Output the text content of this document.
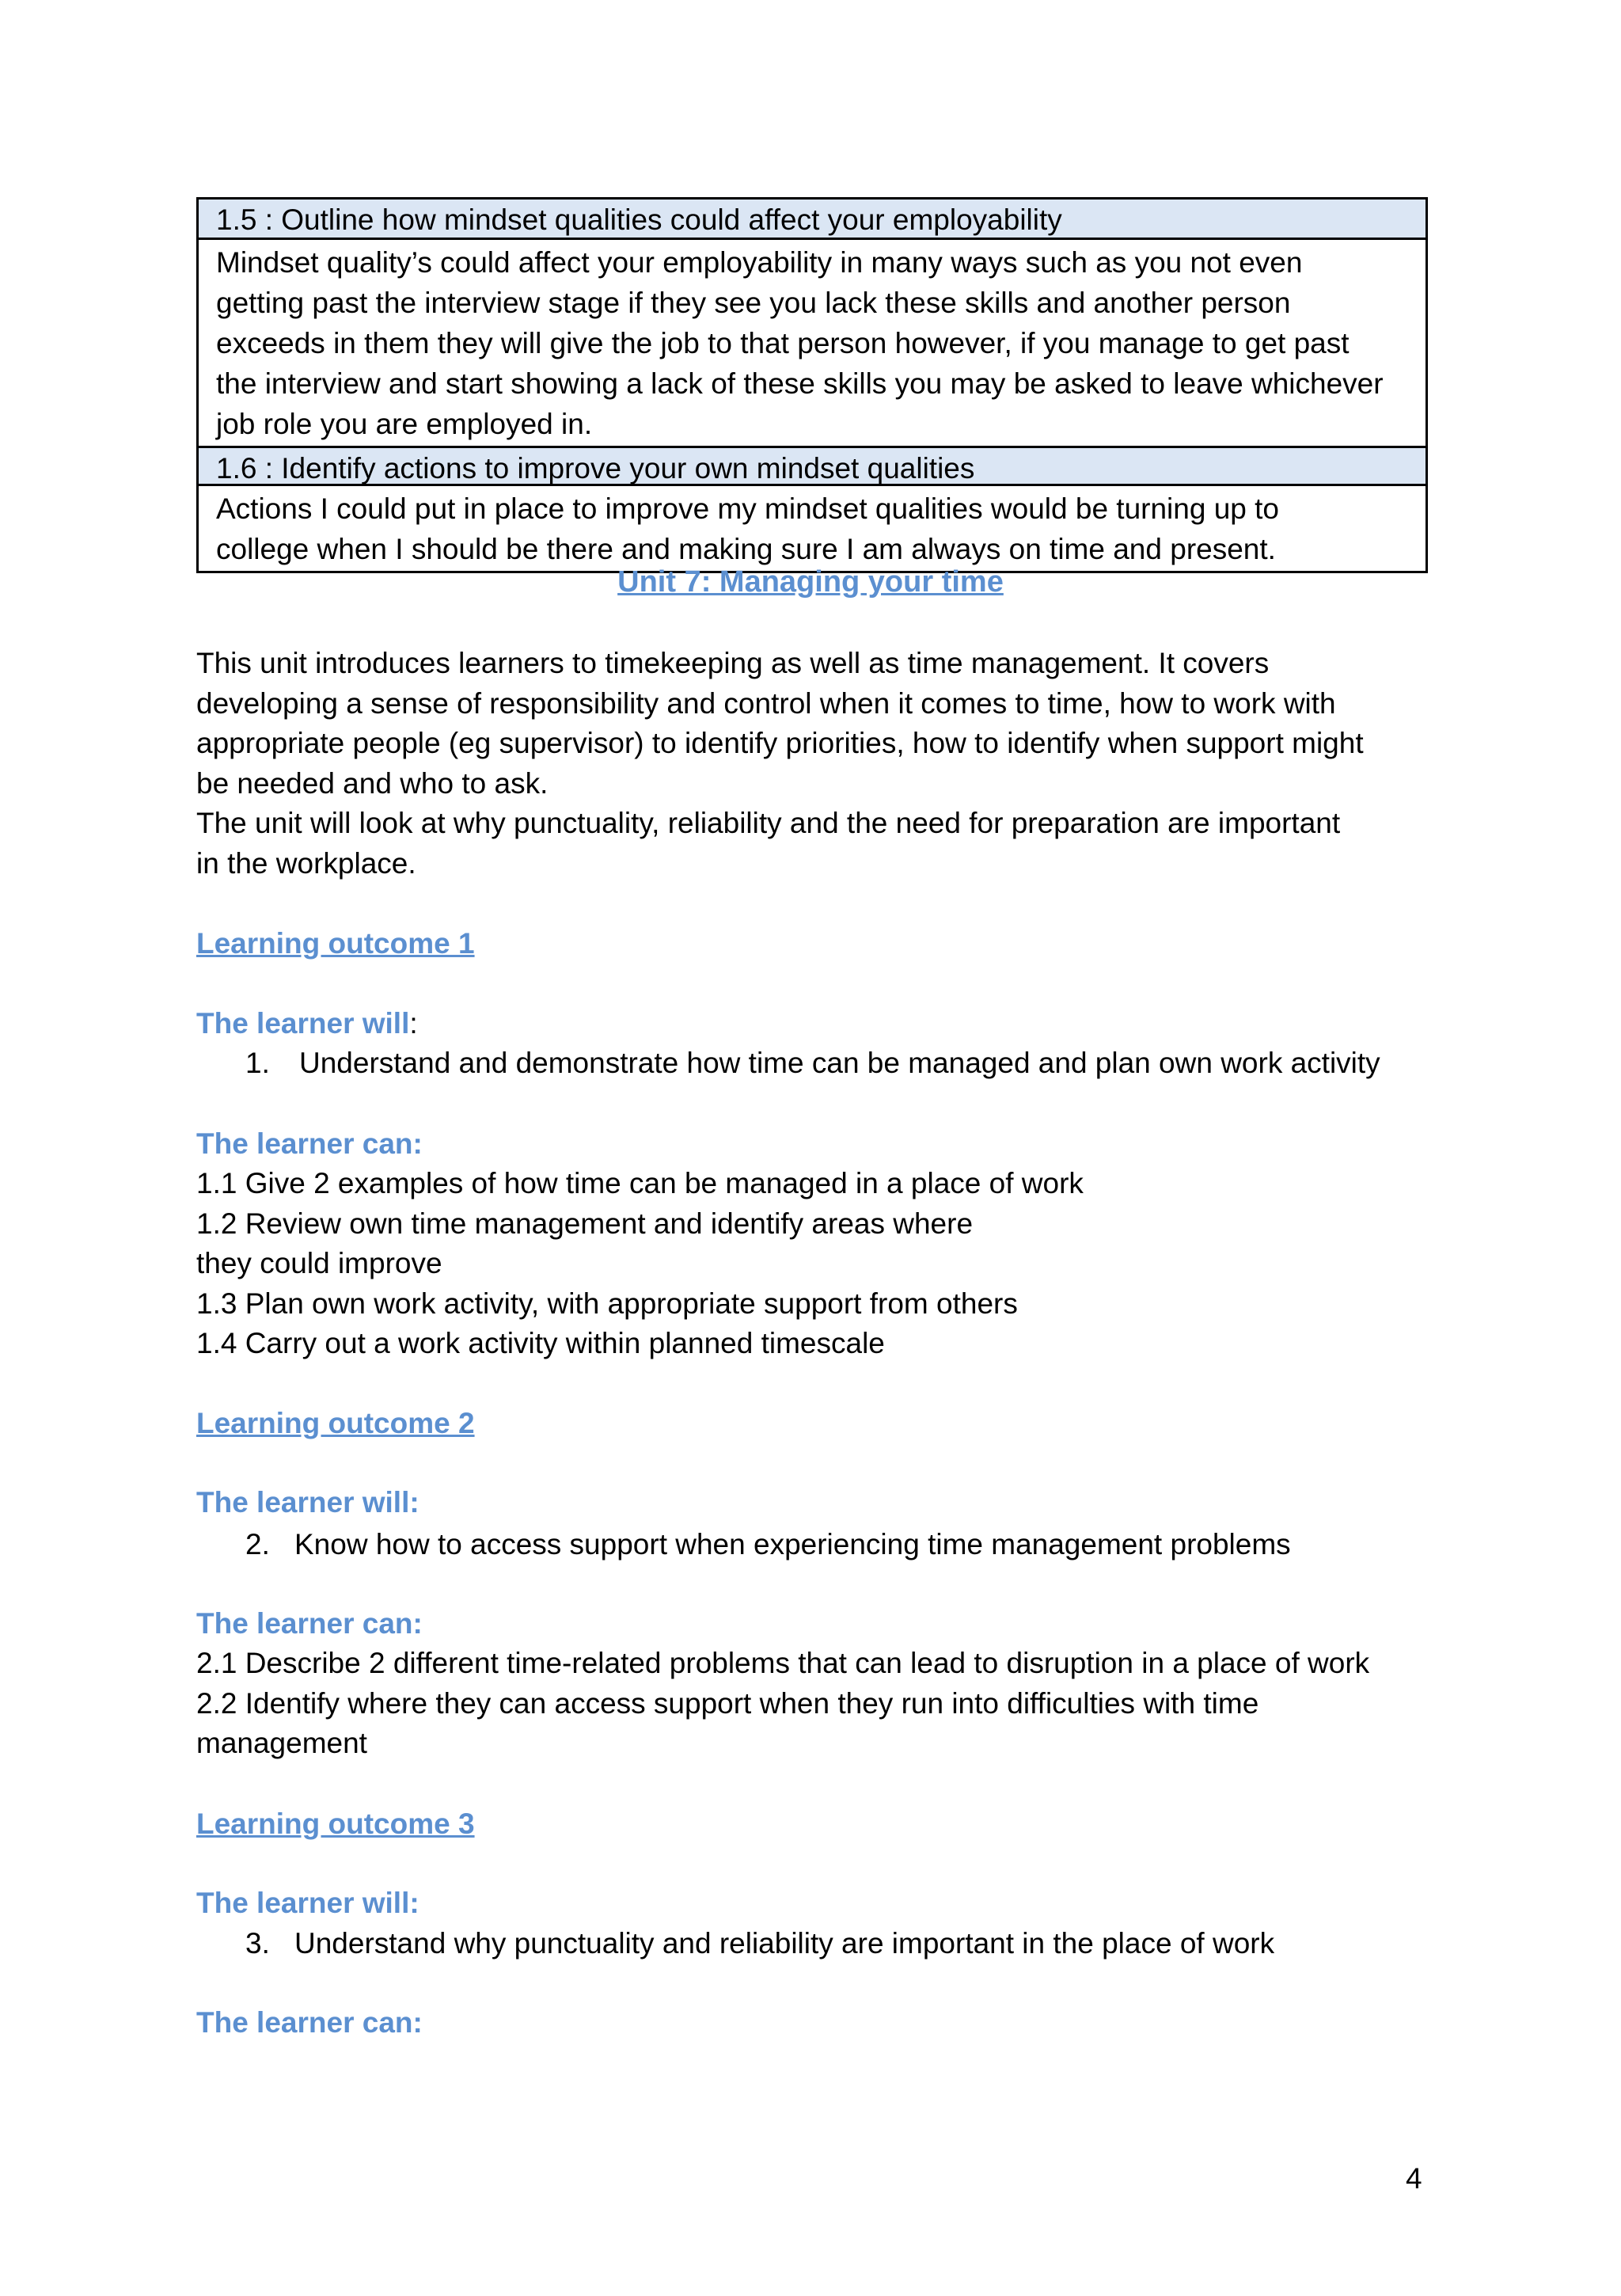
1.5 : Outline how mindset qualities could affect your employability
Mindset quality’s could affect your employability in many ways such as you not even
getting past the interview stage if they see you lack these skills and another person
exceeds in them they will give the job to that person however, if you manage to get past
the interview and start showing a lack of these skills you may be asked to leave whichever
job role you are employed in.
1.6 : Identify actions to improve your own mindset qualities
Actions I could put in place to improve my mindset qualities would be turning up to
college when I should be there and making sure I am always on time and present.
Unit 7: Managing your time
This unit introduces learners to timekeeping as well as time management. It covers
developing a sense of responsibility and control when it comes to time, how to work with
appropriate people (eg supervisor) to identify priorities, how to identify when support might
be needed and who to ask.
The unit will look at why punctuality, reliability and the need for preparation are important
in the workplace.
Learning outcome 1
The learner will:
1. Understand and demonstrate how time can be managed and plan own work activity
The learner can:
1.1 Give 2 examples of how time can be managed in a place of work
1.2 Review own time management and identify areas where
they could improve
1.3 Plan own work activity, with appropriate support from others
1.4 Carry out a work activity within planned timescale
Learning outcome 2
The learner will:
2. Know how to access support when experiencing time management problems
The learner can:
2.1 Describe 2 different time-related problems that can lead to disruption in a place of work
2.2 Identify where they can access support when they run into difficulties with time
management
Learning outcome 3
The learner will:
3. Understand why punctuality and reliability are important in the place of work
The learner can:
4
